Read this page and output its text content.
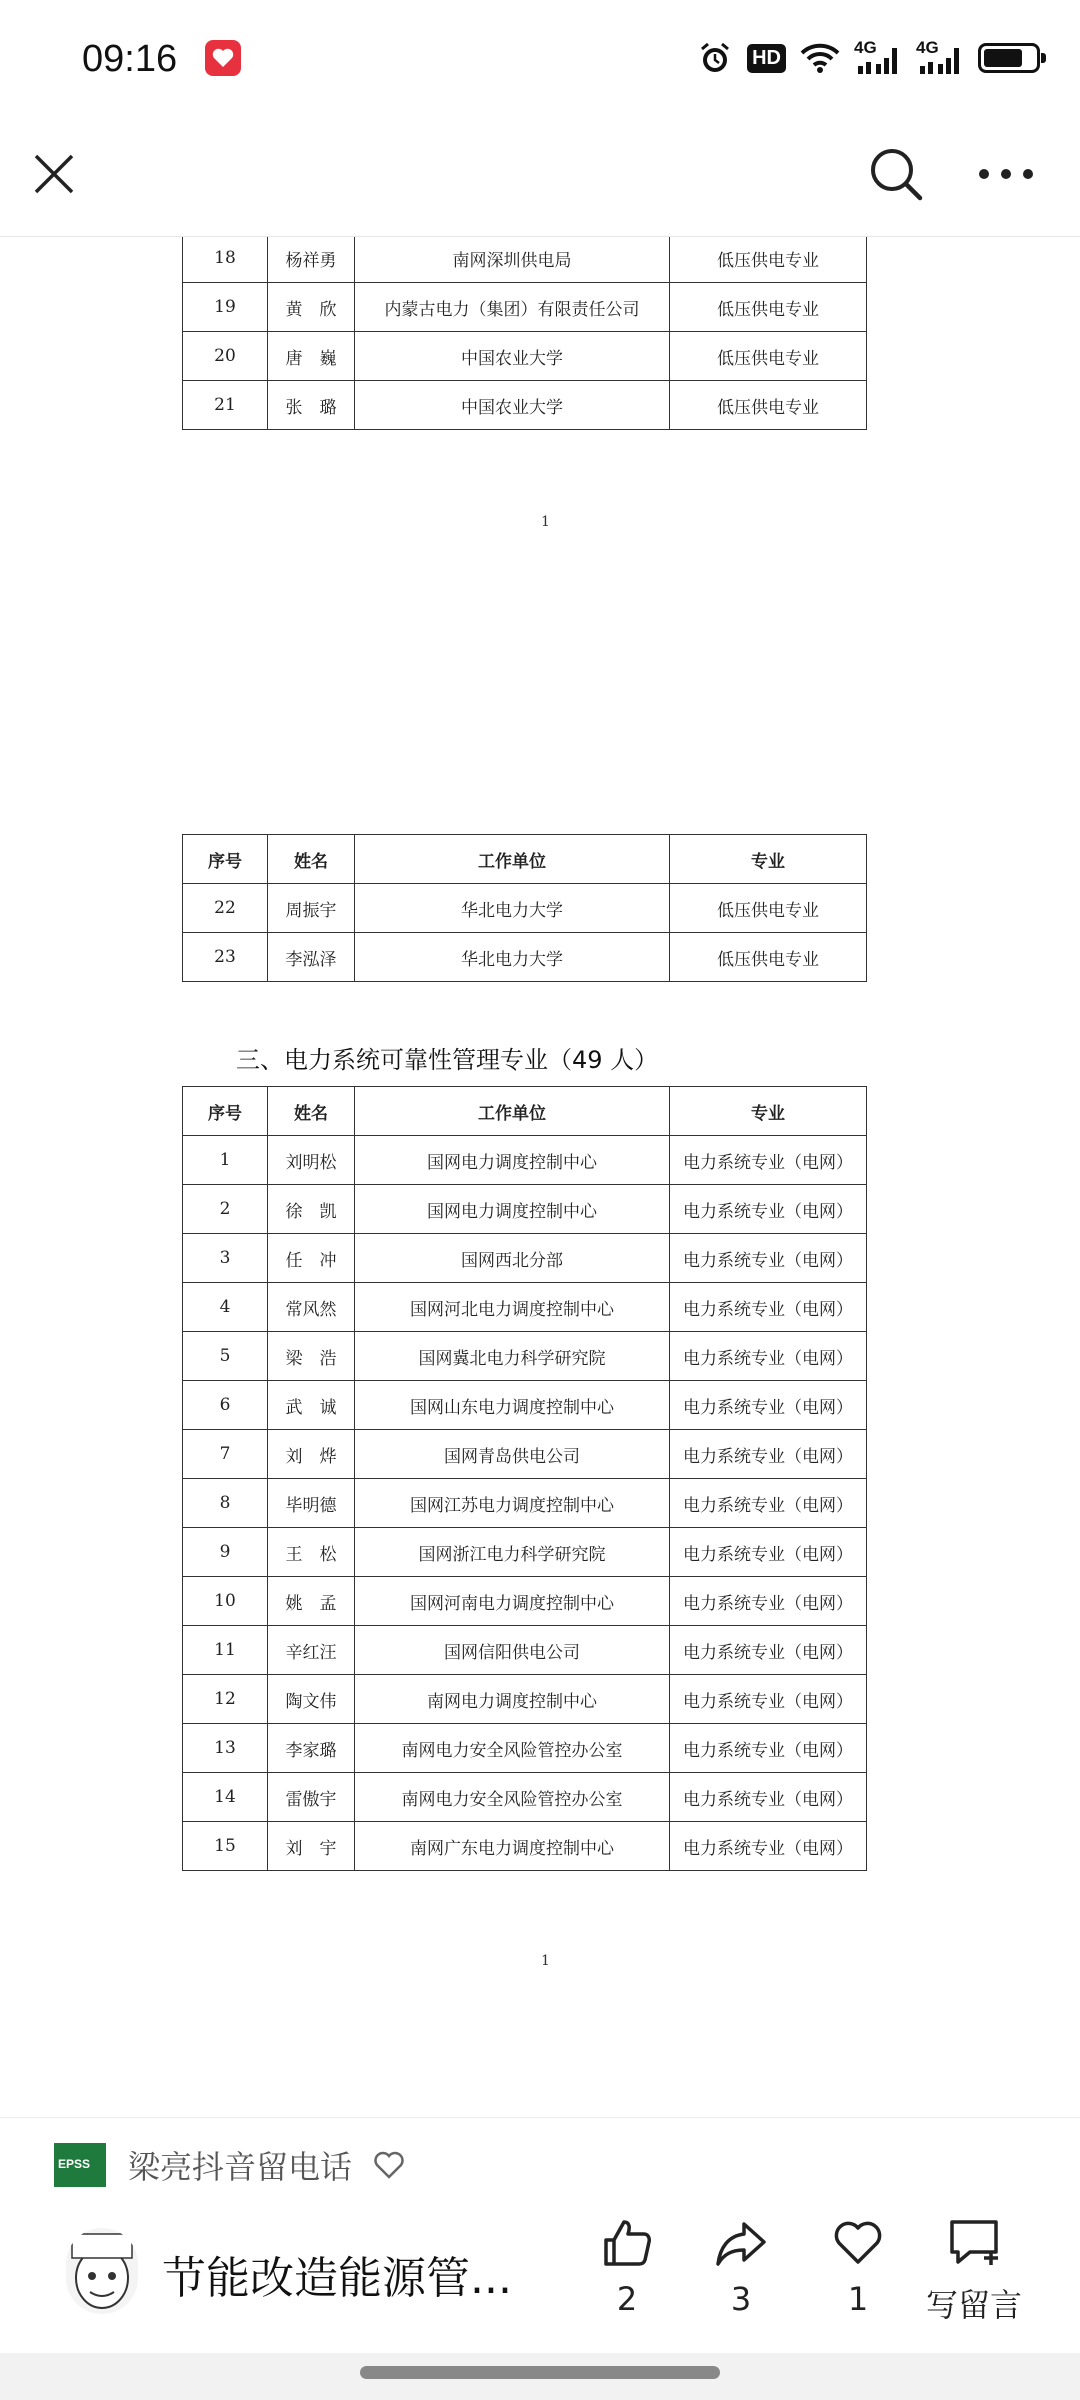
09:16	HD	4G 4G
18	杨祥勇	南网深圳供电局	低压供电专业
19	黄　欣	内蒙古电力（集团）有限责任公司	低压供电专业
20	唐　巍	中国农业大学	低压供电专业
21	张　璐	中国农业大学	低压供电专业
1
序号	姓名	工作单位	专业
22	周振宇	华北电力大学	低压供电专业
23	李泓泽	华北电力大学	低压供电专业
三、电力系统可靠性管理专业（49 人）
序号	姓名	工作单位	专业
1	刘明松	国网电力调度控制中心	电力系统专业（电网）
2	徐　凯	国网电力调度控制中心	电力系统专业（电网）
3	任　冲	国网西北分部	电力系统专业（电网）
4	常风然	国网河北电力调度控制中心	电力系统专业（电网）
5	梁　浩	国网冀北电力科学研究院	电力系统专业（电网）
6	武　诚	国网山东电力调度控制中心	电力系统专业（电网）
7	刘　烨	国网青岛供电公司	电力系统专业（电网）
8	毕明德	国网江苏电力调度控制中心	电力系统专业（电网）
9	王　松	国网浙江电力科学研究院	电力系统专业（电网）
10	姚　孟	国网河南电力调度控制中心	电力系统专业（电网）
11	辛红汪	国网信阳供电公司	电力系统专业（电网）
12	陶文伟	南网电力调度控制中心	电力系统专业（电网）
13	李家璐	南网电力安全风险管控办公室	电力系统专业（电网）
14	雷傲宇	南网电力安全风险管控办公室	电力系统专业（电网）
15	刘　宇	南网广东电力调度控制中心	电力系统专业（电网）
1
EPSS 梁亮抖音留电话
节能改造能源管...	2	3	1	写留言
